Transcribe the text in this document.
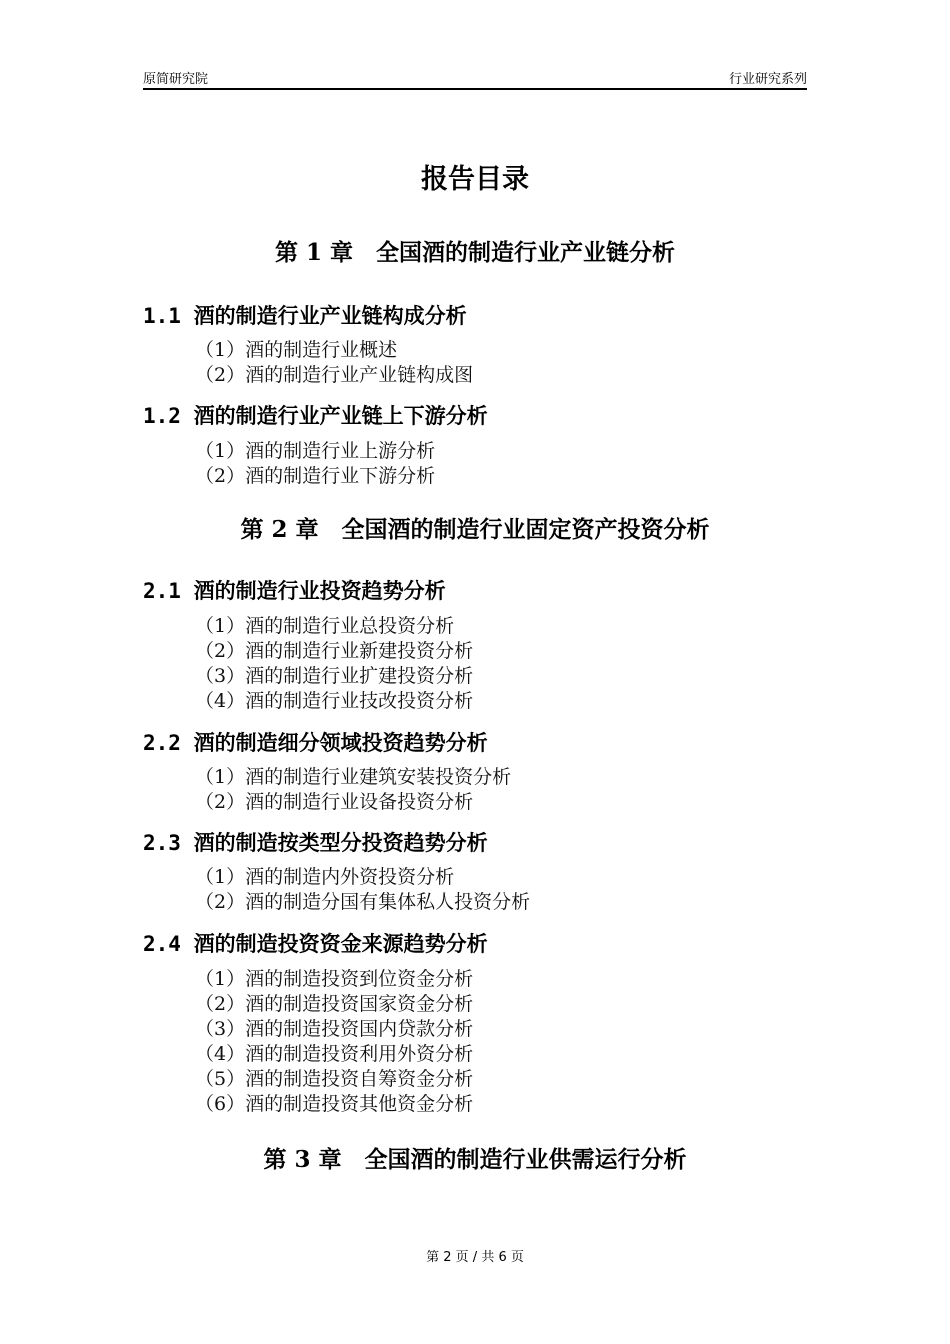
原简研究院	行业研究系列
报告目录
第 1 章　全国酒的制造行业产业链分析
1.1 酒的制造行业产业链构成分析
（1）酒的制造行业概述
（2）酒的制造行业产业链构成图
1.2 酒的制造行业产业链上下游分析
（1）酒的制造行业上游分析
（2）酒的制造行业下游分析
第 2 章　全国酒的制造行业固定资产投资分析
2.1 酒的制造行业投资趋势分析
（1）酒的制造行业总投资分析
（2）酒的制造行业新建投资分析
（3）酒的制造行业扩建投资分析
（4）酒的制造行业技改投资分析
2.2 酒的制造细分领域投资趋势分析
（1）酒的制造行业建筑安装投资分析
（2）酒的制造行业设备投资分析
2.3 酒的制造按类型分投资趋势分析
（1）酒的制造内外资投资分析
（2）酒的制造分国有集体私人投资分析
2.4 酒的制造投资资金来源趋势分析
（1）酒的制造投资到位资金分析
（2）酒的制造投资国家资金分析
（3）酒的制造投资国内贷款分析
（4）酒的制造投资利用外资分析
（5）酒的制造投资自筹资金分析
（6）酒的制造投资其他资金分析
第 3 章　全国酒的制造行业供需运行分析
第 2 页 / 共 6 页
